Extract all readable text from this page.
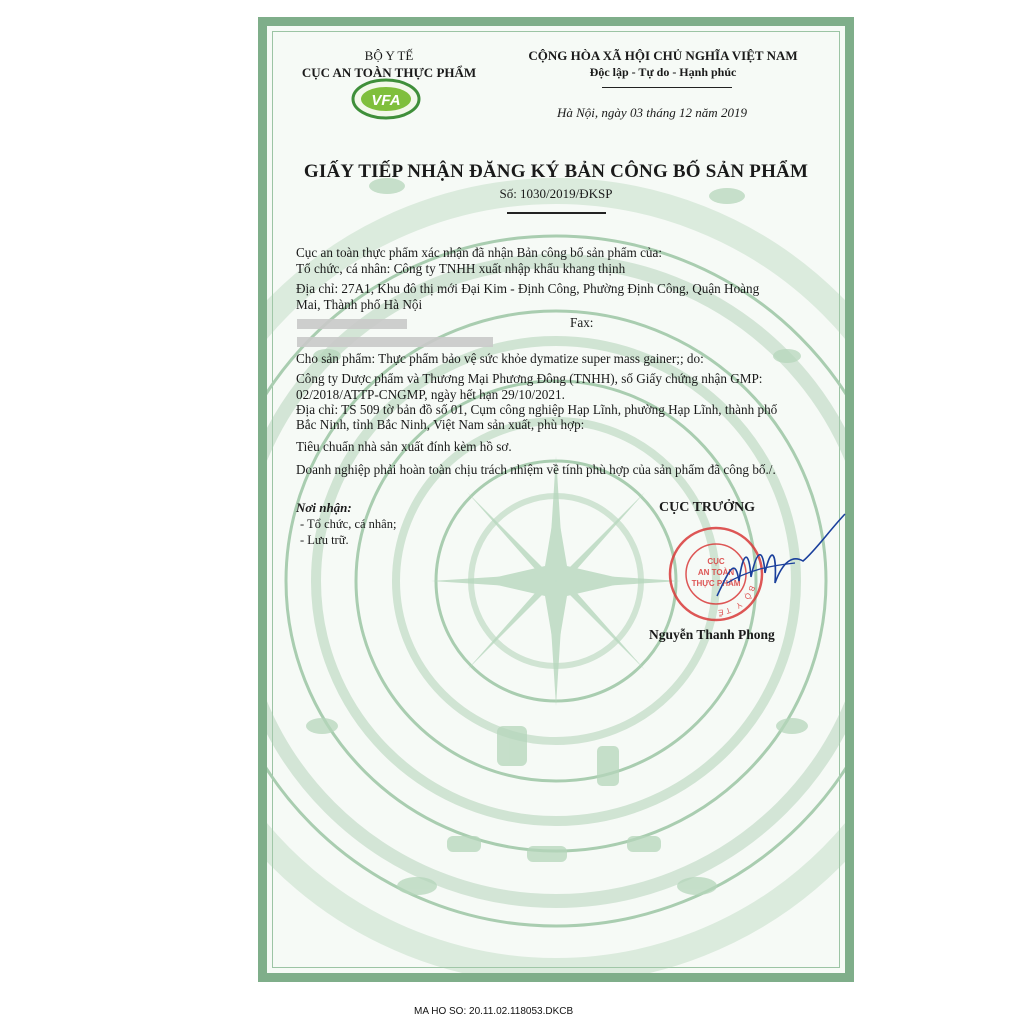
BỘ Y TẾ
CỤC AN TOÀN THỰC PHẨM
VFA
CỘNG HÒA XÃ HỘI CHỦ NGHĨA VIỆT NAM
Độc lập - Tự do - Hạnh phúc
Hà Nội, ngày 03 tháng 12 năm 2019
GIẤY TIẾP NHẬN ĐĂNG KÝ BẢN CÔNG BỐ SẢN PHẨM
Số: 1030/2019/ĐKSP
Cục an toàn thực phẩm xác nhận đã nhận Bản công bố sản phẩm của:
Tổ chức, cá nhân: Công ty TNHH xuất nhập khẩu khang thịnh
Địa chỉ: 27A1, Khu đô thị mới Đại Kim - Định Công, Phường Định Công, Quận Hoàng
Mai, Thành phố Hà Nội
Fax:
Cho sản phẩm: Thực phẩm bảo vệ sức khỏe dymatize super mass gainer;; do:
Công ty Dược phẩm và Thương Mại Phương Đông (TNHH), số Giấy chứng nhận GMP:
02/2018/ATTP-CNGMP, ngày hết hạn 29/10/2021.
Địa chỉ: TS 509 tờ bản đồ số 01, Cụm công nghiệp Hạp Lĩnh, phường Hạp Lĩnh, thành phố
Bắc Ninh, tỉnh Bắc Ninh, Việt Nam sản xuất, phù hợp:
Tiêu chuẩn nhà sản xuất đính kèm hồ sơ.
Doanh nghiệp phải hoàn toàn chịu trách nhiệm về tính phù hợp của sản phẩm đã công bố./.
Nơi nhận:
- Tổ chức, cá nhân;
- Lưu trữ.
CỤC TRƯỞNG
BỘ Y TẾ
CỤC
AN TOÀN
THỰC PHẨM
Nguyễn Thanh Phong
MA HO SO: 20.11.02.118053.DKCB
